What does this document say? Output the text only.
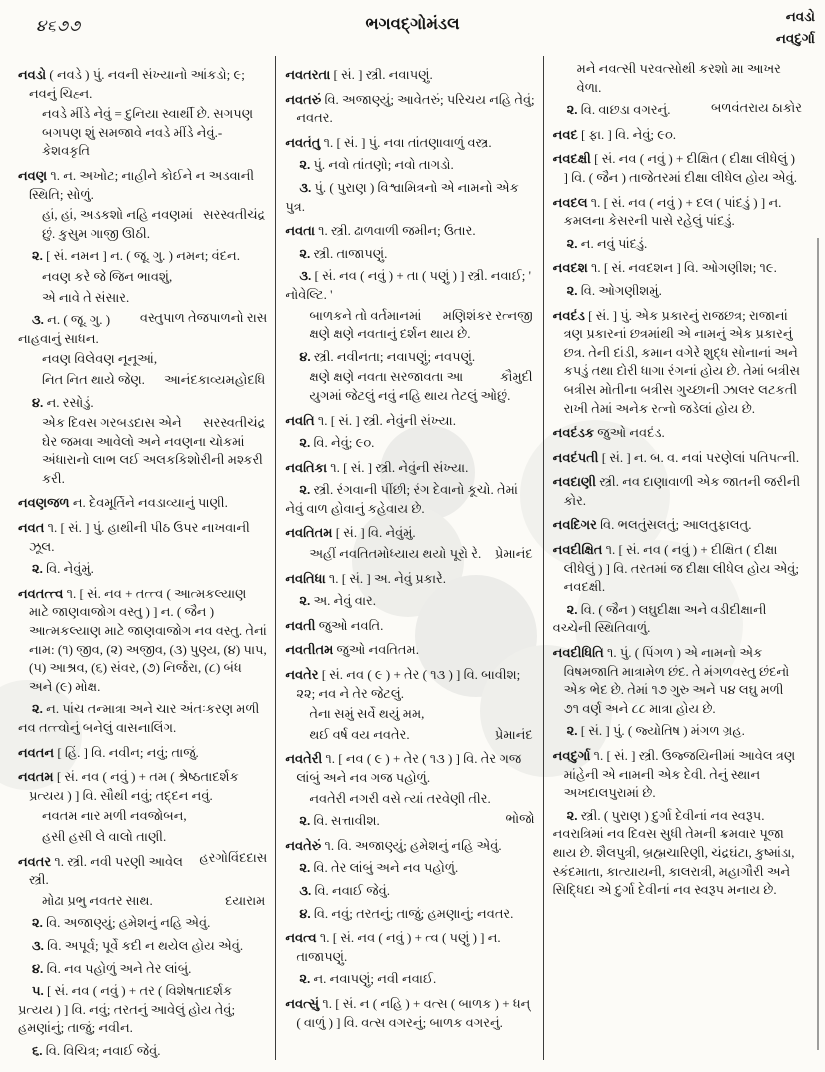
૪૬૭૭	ભગવદ્ગોમંડલ	નવડો
નવદુર્ગા
નવડો ( નવડે ) પું. નવની સંખ્યાનો આંકડો; ૯; નવનું ચિહ્ન.
નવડે મીંડે નેવું = દુનિયા સ્વાર્થી છે. સગપણ બગપણ શું સમજાવે નવડે મીંડે નેવું.-કેશવકૃતિ
નવણ ૧. ન. અખોટ; નાહીને કોઈને ન અડવાની સ્થિતિ; સોળું.
સરસ્વતીચંદ્ર
હાં, હાં, અડકશો નહિ નવણમાં છું. કુસુમ ગાજી ઊઠી.
૨. [ સં. નમન ] ન. ( જૂ. ગુ. ) નમન; વંદન.
નવણ કરે જે જિન ભાવશું,
એ નાવે તે સંસાર.
વસ્તુપાળ તેજપાળનો રાસ
૩. ન. ( જૂ. ગુ. ) નાહવાનું સાધન.
નવણ વિલેવણ નૂનૂઆં,
આનંદકાવ્યમહોદધિ
નિત નિત થાયે જેણ.
૪. ન. રસોડું.
સરસ્વતીચંદ્ર
એક દિવસ ગરબડદાસ એને ઘેર જમવા આવેલો અને નવણના ચોકમાં અંધારાનો લાભ લઈ અલકકિશોરીની મશ્કરી કરી.
નવણજળ ન. દેવમૂર્તિને નવડાવ્યાનું પાણી.
નવત ૧. [ સં. ] પું. હાથીની પીઠ ઉપર નાખવાની ઝૂલ.
૨. વિ. નેવુંમું.
નવતત્ત્વ ૧. [ સં. નવ + તત્ત્વ ( આત્મકલ્યાણ માટે જાણવાજોગ વસ્તુ ) ] ન. ( જૈન ) આત્મકલ્યાણ માટે જાણવાજોગ નવ વસ્તુ. તેનાં નામ: (૧) જીવ, (૨) અજીવ, (૩) પુણ્ય, (૪) પાપ, (૫) આશ્રવ, (૬) સંવર, (૭) નિર્જરા, (૮) બંધ અને (૯) મોક્ષ.
૨. ન. પાંચ તન્માત્રા અને ચાર અંતઃકરણ મળી નવ તત્ત્વોનું બનેલું વાસનાલિંગ.
નવતન [ હિં. ] વિ. નવીન; નવું; તાજું.
નવતમ [ સં. નવ ( નવું ) + તમ ( શ્રેષ્ઠતાદર્શક પ્રત્યય ) ] વિ. સૌથી નવું; તદ્દન નવું.
નવતમ નાર મળી નવજોબન,
હસી હસી લે વાલો તાણી.
હરગોવિંદદાસ
નવતર ૧. સ્ત્રી. નવી પરણી આવેલ સ્ત્રી.
દયારામ
મોઢા પ્રભુ નવતર સાથ.
૨. વિ. અજાણ્યું; હમેશનું નહિ એવું.
૩. વિ. અપૂર્વ; પૂર્વે કદી ન થયેલ હોય એવું.
૪. વિ. નવ પહોળું અને તેર લાંબું.
૫. [ સં. નવ ( નવું ) + તર ( વિશેષતાદર્શક પ્રત્યય ) ] વિ. નવું; તરતનું આવેલું હોય તેવું; હમણાંનું; તાજું; નવીન.
૬. વિ. વિચિત્ર; નવાઈ જેવું.
નવતરતા [ સં. ] સ્ત્રી. નવાપણું.
નવતરું વિ. અજાણ્યું; આવેતરું; પરિચય નહિ તેવું; નવતર.
નવતંતુ ૧. [ સં. ] પું. નવા તાંતણાવાળું વસ્ત્ર.
૨. પું. નવો તાંતણો; નવો તાગડો.
૩. પું. ( પુરાણ ) વિશ્વામિત્રનો એ નામનો એક પુત્ર.
નવતા ૧. સ્ત્રી. ઢાળવાળી જમીન; ઉતાર.
૨. સ્ત્રી. તાજાપણું.
૩. [ સં. નવ ( નવું ) + તા ( પણું ) ] સ્ત્રી. નવાઈ; ' નોવેલ્ટિ. '
મણિશંકર રત્નજી
બાળકને તો વર્તમાનમાં ક્ષણે ક્ષણે નવતાનું દર્શન થાય છે.
૪. સ્ત્રી. નવીનતા; નવાપણું; નવપણું.
કૌમુદી
ક્ષણે ક્ષણે નવતા સરજાવતા આ યુગમાં જેટલું નવું નહિ થાય તેટલું ઓછું.
નવતિ ૧. [ સં. ] સ્ત્રી. નેવુંની સંખ્યા.
૨. વિ. નેવું; ૯૦.
નવતિકા ૧. [ સં. ] સ્ત્રી. નેવુંની સંખ્યા.
૨. સ્ત્રી. રંગવાની પીંછી; રંગ દેવાનો કૂચો. તેમાં નેવું વાળ હોવાનું કહેવાય છે.
નવતિતમ [ સં. ] વિ. નેવુંમું.
પ્રેમાનંદ
અહીં નવતિતમોધ્યાય થયો પૂરો રે.
નવતિધા ૧. [ સં. ] અ. નેવું પ્રકારે.
૨. અ. નેવું વાર.
નવતી જુઓ નવતિ.
નવતીતમ જુઓ નવતિતમ.
નવતેર [ સં. નવ ( ૯ ) + તેર ( ૧૩ ) ] વિ. બાવીશ; ૨૨; નવ ને તેર જેટલું.
તેના સમું સર્વે થયું મમ,
પ્રેમાનંદ
થઈ વર્ષ વય નવતેર.
નવતેરી ૧. [ નવ ( ૯ ) + તેર ( ૧૩ ) ] વિ. તેર ગજ લાંબું અને નવ ગજ પહોળું.
નવતેરી નગરી વસે ત્યાં તરવેણી તીર.
ભોજો
૨. વિ. સત્તાવીશ.
નવતેરું ૧. વિ. અજાણ્યું; હમેશનું નહિ એવું.
૨. વિ. તેર લાંબું અને નવ પહોળું.
૩. વિ. નવાઈ જેવું.
૪. વિ. નવું; તરતનું; તાજું; હમણાનું; નવતર.
નવત્વ ૧. [ સં. નવ ( નવું ) + ત્વ ( પણું ) ] ન. તાજાપણું.
૨. ન. નવાપણું; નવી નવાઈ.
નવત્સું ૧. [ સં. ન ( નહિ ) + વત્સ ( બાળક ) + ધન્ ( વાળું ) ] વિ. વત્સ વગરનું; બાળક વગરનું.
મને નવત્સી પરવત્સોથી કરશો મા આખર વેળા.
બળવંતરાય ઠાકોર
૨. વિ. વાછડા વગરનું.
નવદ [ ફા. ] વિ. નેવું; ૯૦.
નવદક્ષી [ સં. નવ ( નવું ) + દીક્ષિત ( દીક્ષા લીધેલું ) ] વિ. ( જૈન ) તાજેતરમાં દીક્ષા લીધેલ હોય એવું.
નવદલ ૧. [ સં. નવ ( નવું ) + દલ ( પાંદડું ) ] ન. કમલના કેસરની પાસે રહેલું પાંદડું.
૨. ન. નવું પાંદડું.
નવદશ ૧. [ સં. નવદશન ] વિ. ઓગણીશ; ૧૯.
૨. વિ. ઓગણીશમું.
નવદંડ [ સં. ] પું. એક પ્રકારનું રાજછત્ર; રાજાનાં ત્રણ પ્રકારનાં છત્રમાંથી એ નામનું એક પ્રકારનું છત્ર. તેની દાંડી, કમાન વગેરે શુદ્ધ સોનાનાં અને કપડું તથા દોરી ધાગા રંગનાં હોય છે. તેમાં બત્રીસ બત્રીસ મોતીના બત્રીસ ગુચ્છાની ઝાલર લટકતી રાખી તેમાં અનેક રત્નો જડેલાં હોય છે.
નવદંડક જુઓ નવદંડ.
નવદંપતી [ સં. ] ન. બ. વ. નવાં પરણેલાં પતિપત્ની.
નવદાણી સ્ત્રી. નવ દાણાવાળી એક જાતની જરીની કોર.
નવદિગર વિ. ભલતુંસલતું; આલતુફાલતુ.
નવદીક્ષિત ૧. [ સં. નવ ( નવું ) + દીક્ષિત ( દીક્ષા લીધેલું ) ] વિ. તરતમાં જ દીક્ષા લીધેલ હોય એવું; નવદક્ષી.
૨. વિ. ( જૈન ) લઘુદીક્ષા અને વડીદીક્ષાની વચ્ચેની સ્થિતિવાળું.
નવદીધિતિ ૧. પું. ( પિંગળ ) એ નામનો એક વિષમજાતિ માત્રામેળ છંદ. તે મંગળવસ્તુ છંદનો એક ભેદ છે. તેમાં ૧૭ ગુરુ અને ૫૪ લઘુ મળી ૭૧ વર્ણ અને ૮૮ માત્રા હોય છે.
૨. [ સં. ] પું. ( જ્યોતિષ ) મંગળ ગ્રહ.
નવદુર્ગા ૧. [ સં. ] સ્ત્રી. ઉજ્જયિનીમાં આવેલ ત્રણ માંહેની એ નામની એક દેવી. તેનું સ્થાન અખદાલપુરામાં છે.
૨. સ્ત્રી. ( પુરાણ ) દુર્ગા દેવીનાં નવ સ્વરૂપ. નવરાત્રિમાં નવ દિવસ સુધી તેમની ક્રમવાર પૂજા થાય છે. શૈલપુત્રી, બ્રહ્મચારિણી, ચંદ્રઘંટા, કુષ્માંડા, સ્કંદમાતા, કાત્યાયની, કાલરાત્રી, મહાગૌરી અને સિદ્ધિદા એ દુર્ગા દેવીનાં નવ સ્વરૂપ મનાય છે.
